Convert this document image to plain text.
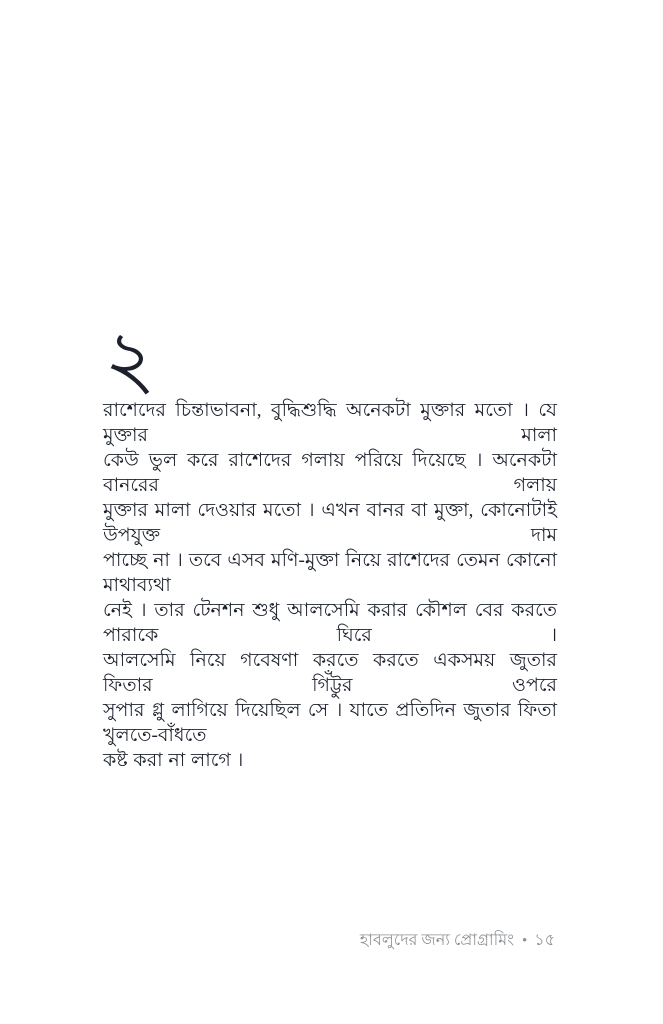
২
রাশেদের চিন্তাভাবনা, বুদ্ধিশুদ্ধি অনেকটা মুক্তার মতো । যে মুক্তার মালা
কেউ ভুল করে রাশেদের গলায় পরিয়ে দিয়েছে । অনেকটা বানরের গলায়
মুক্তার মালা দেওয়ার মতো । এখন বানর বা মুক্তা, কোনোটাই উপযুক্ত দাম
পাচ্ছে না । তবে এসব মণি-মুক্তা নিয়ে রাশেদের তেমন কোনো মাথাব্যথা
নেই । তার টেনশন শুধু আলসেমি করার কৌশল বের করতে পারাকে ঘিরে ।
আলসেমি নিয়ে গবেষণা করতে করতে একসময় জুতার ফিতার গিঁট্টুর ওপরে
সুপার গ্লু লাগিয়ে দিয়েছিল সে । যাতে প্রতিদিন জুতার ফিতা খুলতে-বাঁধতে
কষ্ট করা না লাগে ।
হাবলুদের জন্য প্রোগ্রামিং • ১৫
